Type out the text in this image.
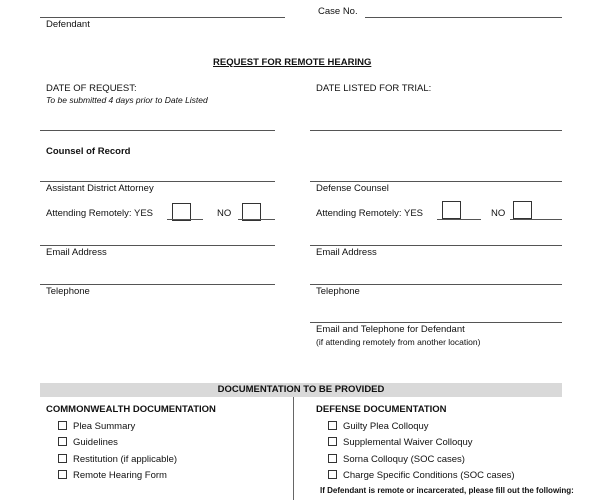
Defendant
Case No.
REQUEST FOR REMOTE HEARING
DATE OF REQUEST:
To be submitted 4 days prior to Date Listed
DATE LISTED FOR TRIAL:
Counsel of Record
Assistant District Attorney
Attending Remotely: YES	NO
Email Address
Telephone
Defense Counsel
Attending Remotely: YES	NO
Email Address
Telephone
Email and Telephone for Defendant
(if attending remotely from another location)
DOCUMENTATION TO BE PROVIDED
COMMONWEALTH DOCUMENTATION
Plea Summary
Guidelines
Restitution (if applicable)
Remote Hearing Form
DEFENSE DOCUMENTATION
Guilty Plea Colloquy
Supplemental Waiver Colloquy
Sorna Colloquy (SOC cases)
Charge Specific Conditions (SOC cases)
If Defendant is remote or incarcerated, please fill out the following:
